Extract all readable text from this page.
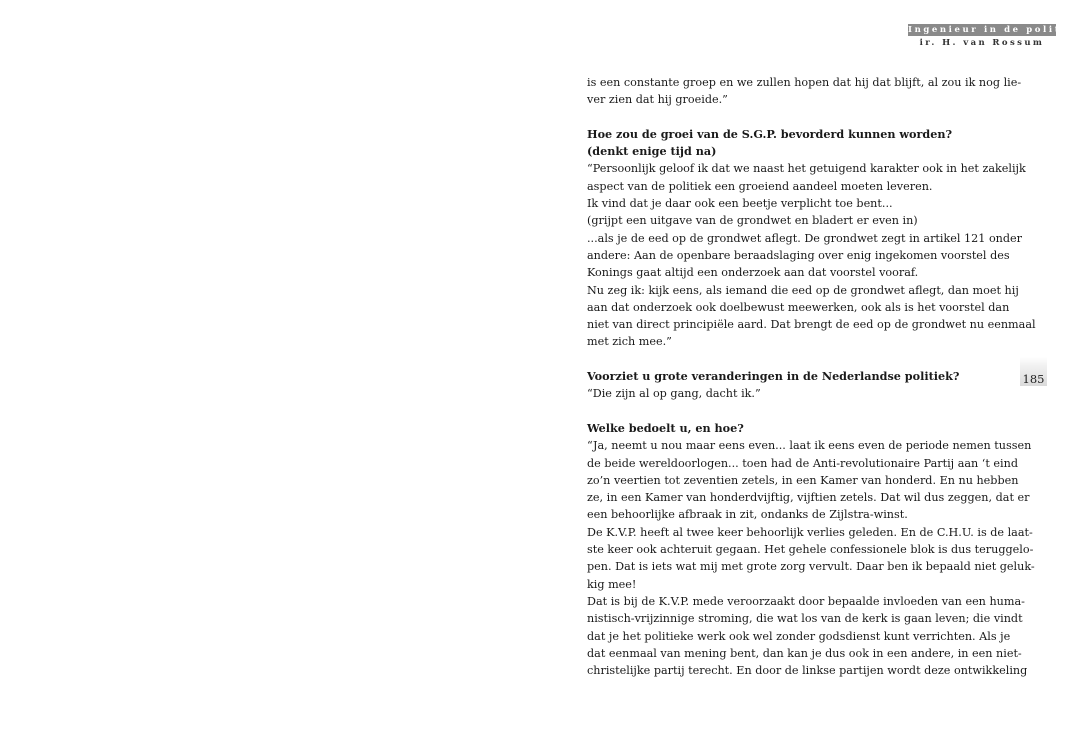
Ingenieur in de politiek
ir. H. van Rossum
185
is een constante groep en we zullen hopen dat hij dat blijft, al zou ik nog lie-
ver zien dat hij groeide.”
Hoe zou de groei van de S.G.P. bevorderd kunnen worden?
(denkt enige tijd na)
“Persoonlijk geloof ik dat we naast het getuigend karakter ook in het zakelijk
aspect van de politiek een groeiend aandeel moeten leveren.
Ik vind dat je daar ook een beetje verplicht toe bent...
(grijpt een uitgave van de grondwet en bladert er even in)
...als je de eed op de grondwet aflegt. De grondwet zegt in artikel 121 onder
andere: Aan de openbare beraadslaging over enig ingekomen voorstel des
Konings gaat altijd een onderzoek aan dat voorstel vooraf.
Nu zeg ik: kijk eens, als iemand die eed op de grondwet aflegt, dan moet hij
aan dat onderzoek ook doelbewust meewerken, ook als is het voorstel dan
niet van direct principiële aard. Dat brengt de eed op de grondwet nu eenmaal
met zich mee.”
Voorziet u grote veranderingen in de Nederlandse politiek?
“Die zijn al op gang, dacht ik.”
Welke bedoelt u, en hoe?
“Ja, neemt u nou maar eens even... laat ik eens even de periode nemen tussen
de beide wereldoorlogen... toen had de Anti-revolutionaire Partij aan ‘t eind
zo’n veertien tot zeventien zetels, in een Kamer van honderd. En nu hebben
ze, in een Kamer van honderdvijftig, vijftien zetels. Dat wil dus zeggen, dat er
een behoorlijke afbraak in zit, ondanks de Zijlstra-winst.
De K.V.P. heeft al twee keer behoorlijk verlies geleden. En de C.H.U. is de laat-
ste keer ook achteruit gegaan. Het gehele confessionele blok is dus teruggelo-
pen. Dat is iets wat mij met grote zorg vervult. Daar ben ik bepaald niet geluk-
kig mee!
Dat is bij de K.V.P. mede veroorzaakt door bepaalde invloeden van een huma-
nistisch-vrijzinnige stroming, die wat los van de kerk is gaan leven; die vindt
dat je het politieke werk ook wel zonder godsdienst kunt verrichten. Als je
dat eenmaal van mening bent, dan kan je dus ook in een andere, in een niet-
christelijke partij terecht. En door de linkse partijen wordt deze ontwikkeling
